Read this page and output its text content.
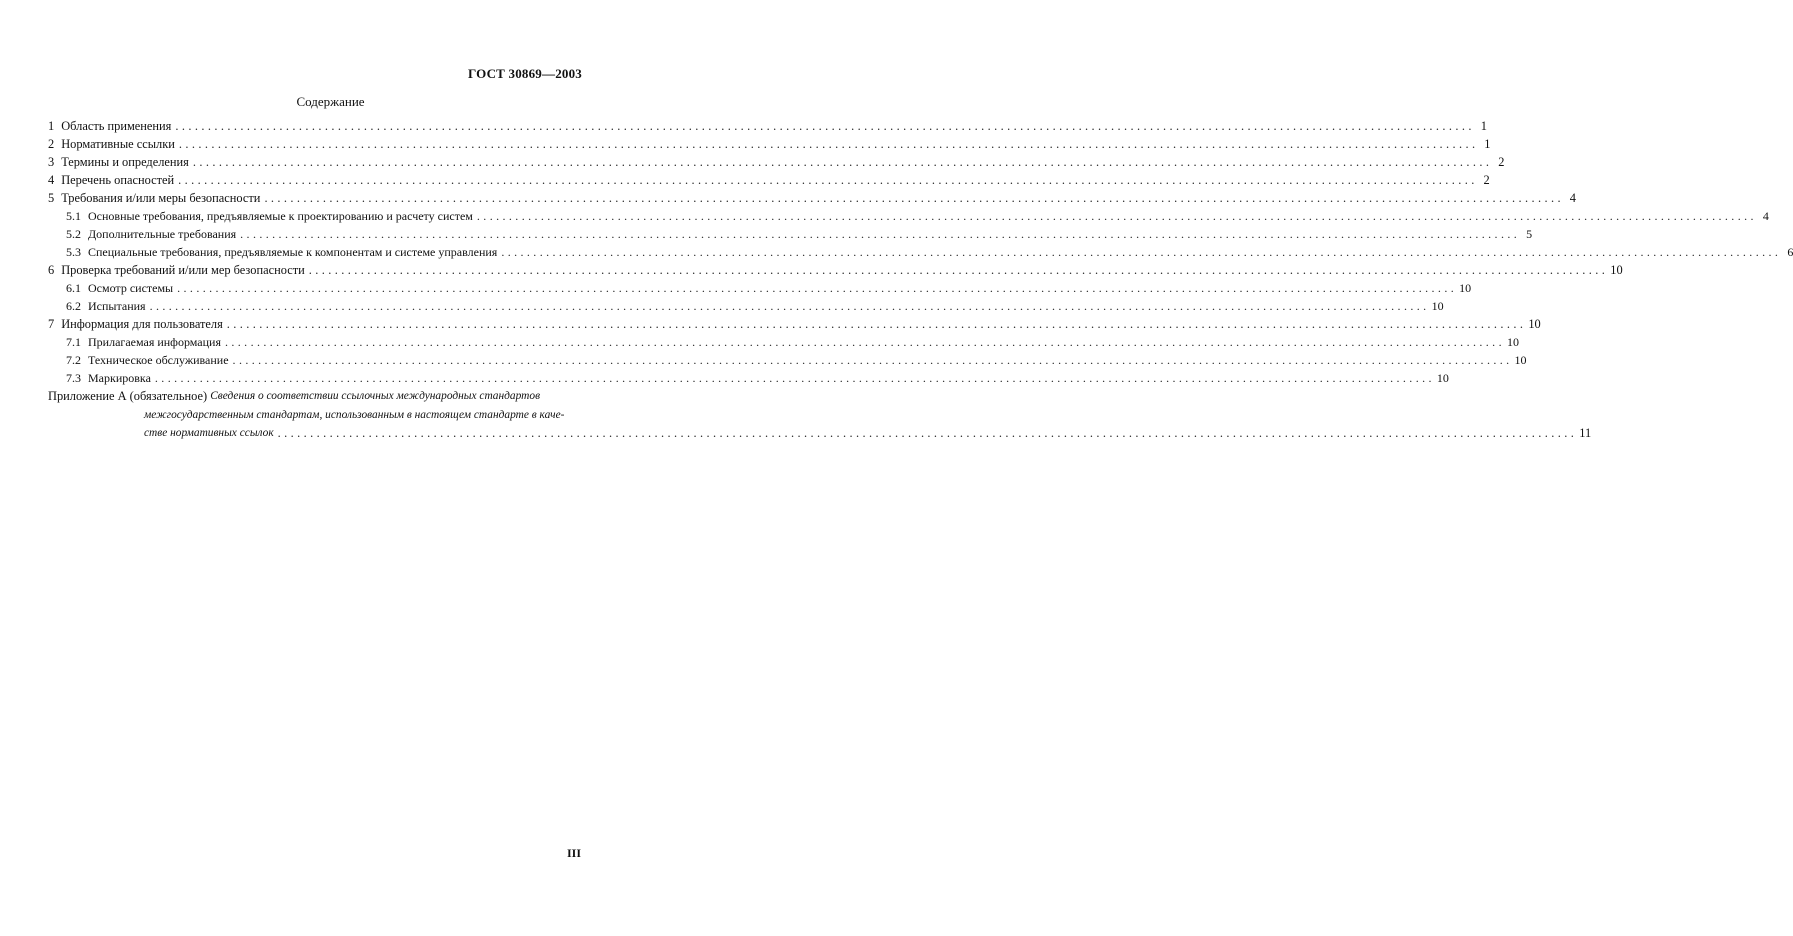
ГОСТ 30869—2003
Содержание
1 Область применения ........................................................................................................................................................................................................ 1
2 Нормативные ссылки ........................................................................................................................................................................................................ 1
3 Термины и определения ........................................................................................................................................................................................................ 2
4 Перечень опасностей ........................................................................................................................................................................................................ 2
5 Требования и/или меры безопасности ........................................................................................................................................................................................................ 4
5.1 Основные требования, предъявляемые к проектированию и расчету систем ........................................................................................................................................................................................................ 4
5.2 Дополнительные требования ........................................................................................................................................................................................................ 5
5.3 Специальные требования, предъявляемые к компонентам и системе управления ........................................................................................................................................................................................................ 6
6 Проверка требований и/или мер безопасности ........................................................................................................................................................................................................ 10
6.1 Осмотр системы ........................................................................................................................................................................................................ 10
6.2 Испытания ........................................................................................................................................................................................................ 10
7 Информация для пользователя ........................................................................................................................................................................................................ 10
7.1 Прилагаемая информация ........................................................................................................................................................................................................ 10
7.2 Техническое обслуживание ........................................................................................................................................................................................................ 10
7.3 Маркировка ........................................................................................................................................................................................................ 10
Приложение А (обязательное)
Сведения о соответствии ссылочных международных стандартов
межгосударственным стандартам, использованным в настоящем стандарте в каче-
стве нормативных ссылок ........................................................................................................................................................................................................ 11
III
